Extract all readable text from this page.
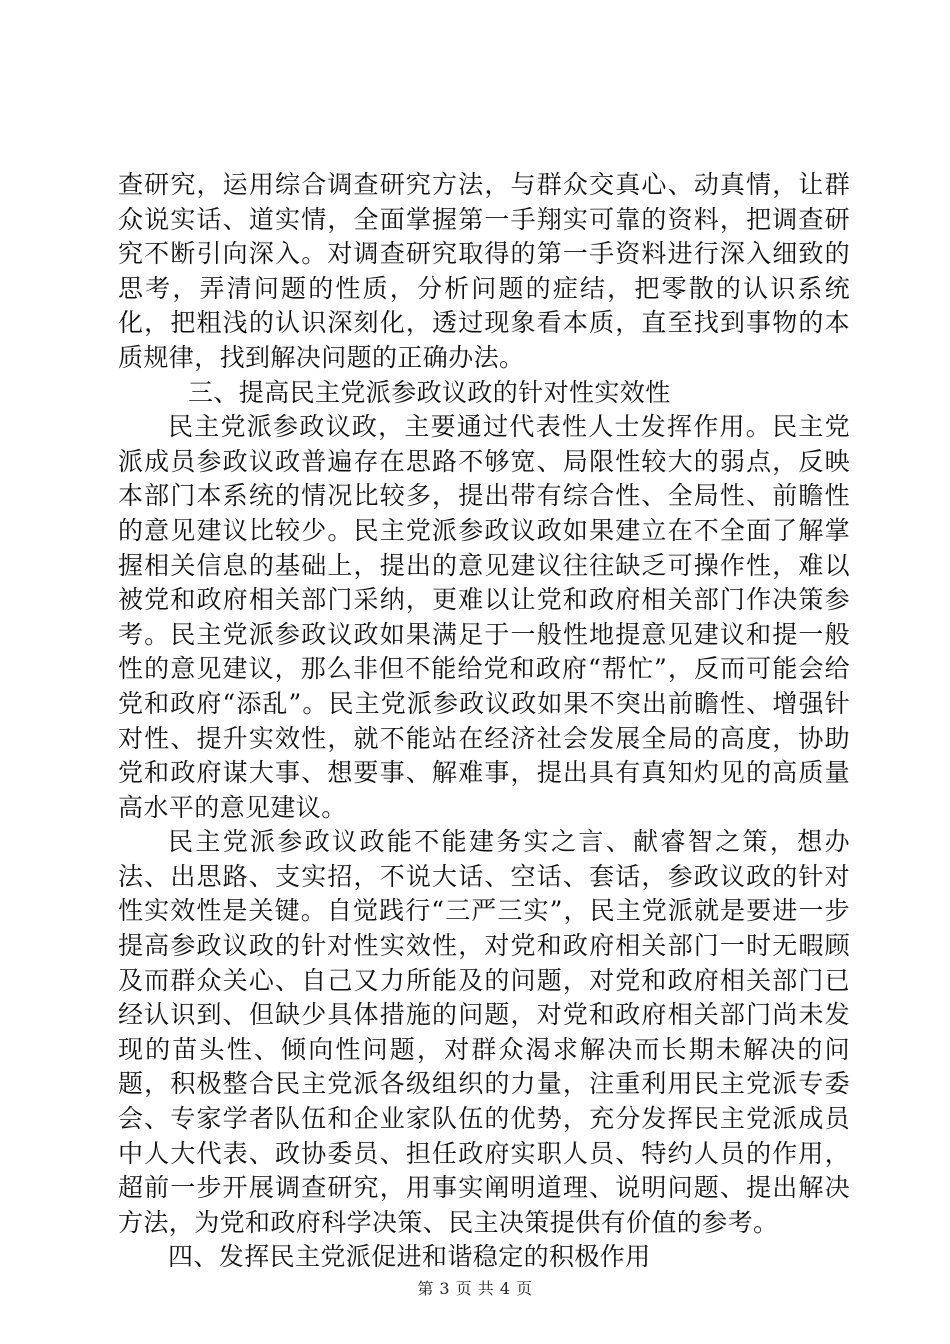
查研究，运用综合调查研究方法，与群众交真心、动真情，让群众说实话、道实情，全面掌握第一手翔实可靠的资料，把调查研究不断引向深入。对调查研究取得的第一手资料进行深入细致的思考，弄清问题的性质，分析问题的症结，把零散的认识系统化，把粗浅的认识深刻化，透过现象看本质，直至找到事物的本质规律，找到解决问题的正确办法。

三、提高民主党派参政议政的针对性实效性

民主党派参政议政，主要通过代表性人士发挥作用。民主党派成员参政议政普遍存在思路不够宽、局限性较大的弱点，反映本部门本系统的情况比较多，提出带有综合性、全局性、前瞻性的意见建议比较少。民主党派参政议政如果建立在不全面了解掌握相关信息的基础上，提出的意见建议往往缺乏可操作性，难以被党和政府相关部门采纳，更难以让党和政府相关部门作决策参考。民主党派参政议政如果满足于一般性地提意见建议和提一般性的意见建议，那么非但不能给党和政府“帮忙”，反而可能会给党和政府“添乱”。民主党派参政议政如果不突出前瞻性、增强针对性、提升实效性，就不能站在经济社会发展全局的高度，协助党和政府谋大事、想要事、解难事，提出具有真知灼见的高质量高水平的意见建议。

民主党派参政议政能不能建务实之言、献睿智之策，想办法、出思路、支实招，不说大话、空话、套话，参政议政的针对性实效性是关键。自觉践行“三严三实”，民主党派就是要进一步提高参政议政的针对性实效性，对党和政府相关部门一时无暇顾及而群众关心、自己又力所能及的问题，对党和政府相关部门已经认识到、但缺少具体措施的问题，对党和政府相关部门尚未发现的苗头性、倾向性问题，对群众渴求解决而长期未解决的问题，积极整合民主党派各级组织的力量，注重利用民主党派专委会、专家学者队伍和企业家队伍的优势，充分发挥民主党派成员中人大代表、政协委员、担任政府实职人员、特约人员的作用，超前一步开展调查研究，用事实阐明道理、说明问题、提出解决方法，为党和政府科学决策、民主决策提供有价值的参考。

四、发挥民主党派促进和谐稳定的积极作用

第 3 页 共 4 页
